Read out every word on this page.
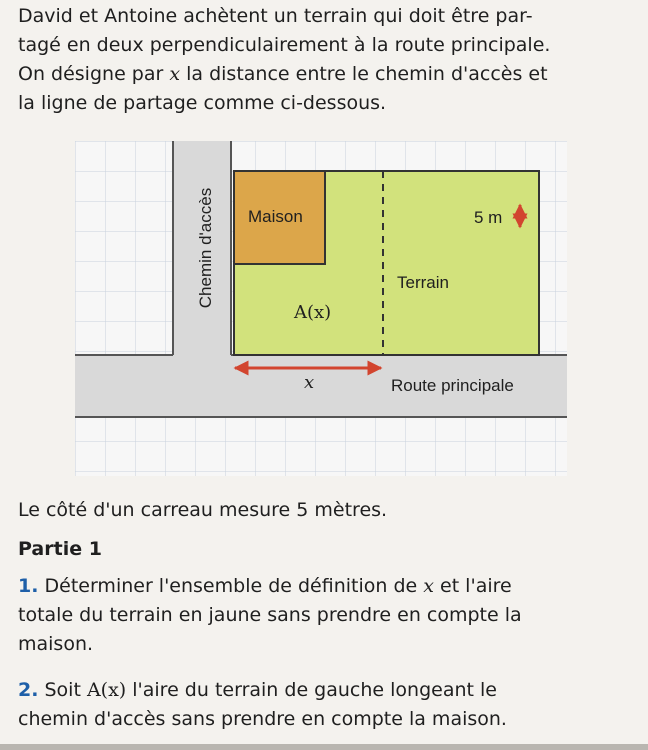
David et Antoine achètent un terrain qui doit être par-
tagé en deux perpendiculairement à la route principale.
On désigne par x la distance entre le chemin d'accès et
la ligne de partage comme ci-dessous.

Chemin d'accès Maison	5 m
Terrain
A(x)
x	Route principale

Le côté d'un carreau mesure 5 mètres.

Partie 1

1. Déterminer l'ensemble de définition de x et l'aire
totale du terrain en jaune sans prendre en compte la
maison.

2. Soit A(x) l'aire du terrain de gauche longeant le
chemin d'accès sans prendre en compte la maison.
